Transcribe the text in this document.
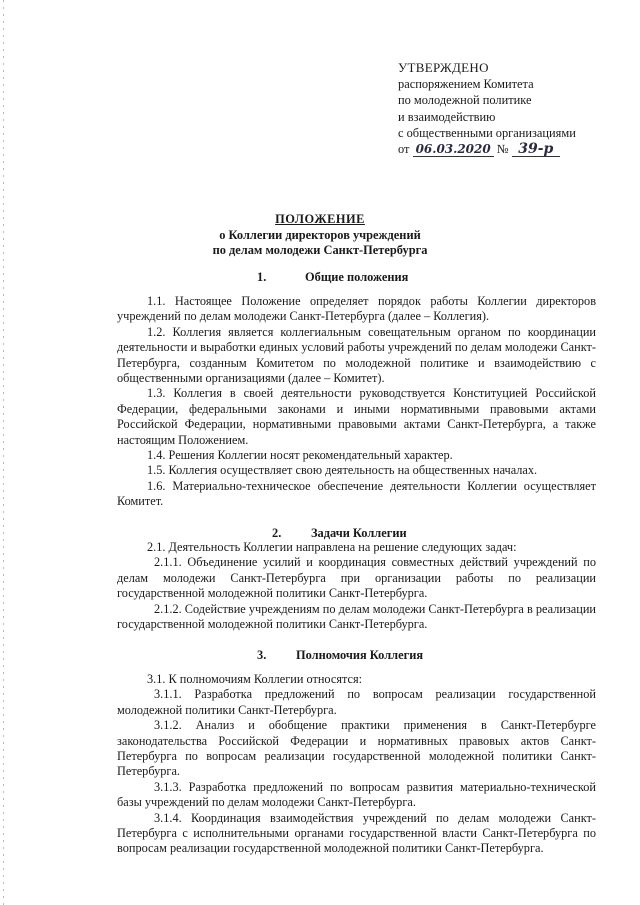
УТВЕРЖДЕНО
распоряжением Комитета
по молодежной политике
и взаимодействию
с общественными организациями
от 06.03.2020 № 39-р
ПОЛОЖЕНИЕ
о Коллегии директоров учреждений
по делам молодежи Санкт-Петербурга
1.	Общие положения

1.1. Настоящее Положение определяет порядок работы Коллегии директоров учреждений по делам молодежи Санкт-Петербурга (далее – Коллегия).

1.2. Коллегия является коллегиальным совещательным органом по координации деятельности и выработки единых условий работы учреждений по делам молодежи Санкт-Петербурга, созданным Комитетом по молодежной политике и взаимодействию с общественными организациями (далее – Комитет).

1.3. Коллегия в своей деятельности руководствуется Конституцией Российской Федерации, федеральными законами и иными нормативными правовыми актами Российской Федерации, нормативными правовыми актами Санкт-Петербурга, а также настоящим Положением.

1.4. Решения Коллегии носят рекомендательный характер.

1.5. Коллегия осуществляет свою деятельность на общественных началах.

1.6. Материально-техническое обеспечение деятельности Коллегии осуществляет Комитет.

2. Задачи Коллегии

2.1. Деятельность Коллегии направлена на решение следующих задач:

2.1.1. Объединение усилий и координация совместных действий учреждений по делам молодежи Санкт-Петербурга при организации работы по реализации государственной молодежной политики Санкт-Петербурга.

2.1.2. Содействие учреждениям по делам молодежи Санкт-Петербурга в реализации государственной молодежной политики Санкт-Петербурга.

3. Полномочия Коллегия

3.1. К полномочиям Коллегии относятся:

3.1.1. Разработка предложений по вопросам реализации государственной молодежной политики Санкт-Петербурга.

3.1.2. Анализ и обобщение практики применения в Санкт-Петербурге законодательства Российской Федерации и нормативных правовых актов Санкт-Петербурга по вопросам реализации государственной молодежной политики Санкт-Петербурга.

3.1.3. Разработка предложений по вопросам развития материально-технической базы учреждений по делам молодежи Санкт-Петербурга.

3.1.4. Координация взаимодействия учреждений по делам молодежи Санкт-Петербурга с исполнительными органами государственной власти Санкт-Петербурга по вопросам реализации государственной молодежной политики Санкт-Петербурга.
